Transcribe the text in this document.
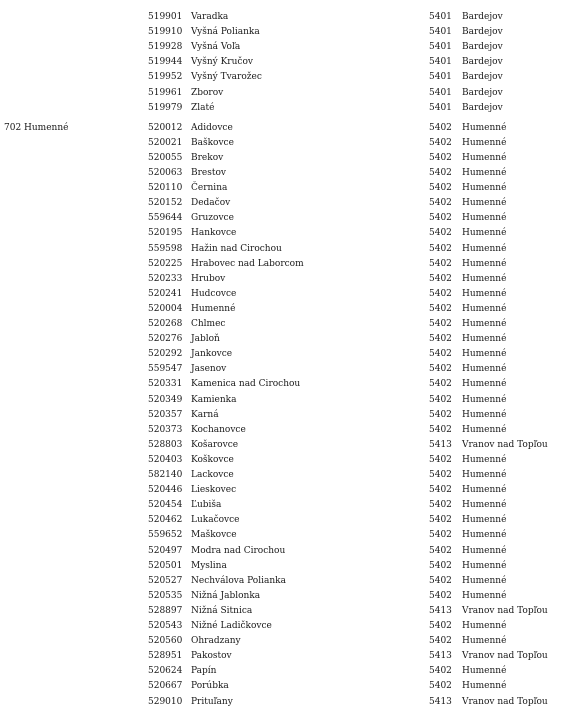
519901 Varadka	5401 Bardejov
519910 Vyšná Polianka	5401 Bardejov
519928 Vyšná Voľa	5401 Bardejov
519944 Vyšný Kručov	5401 Bardejov
519952 Vyšný Tvarožec	5401 Bardejov
519961 Zborov	5401 Bardejov
519979 Zlaté	5401 Bardejov
702 Humenné	520012 Adidovce	5402 Humenné
520021 Baškovce	5402 Humenné
520055 Brekov	5402 Humenné
520063 Brestov	5402 Humenné
520110 Černina	5402 Humenné
520152 Dedačov	5402 Humenné
559644 Gruzovce	5402 Humenné
520195 Hankovce	5402 Humenné
559598 Hažin nad Cirochou	5402 Humenné
520225 Hrabovec nad Laborcom	5402 Humenné
520233 Hrubov	5402 Humenné
520241 Hudcovce	5402 Humenné
520004 Humenné	5402 Humenné
520268 Chlmec	5402 Humenné
520276 Jabloň	5402 Humenné
520292 Jankovce	5402 Humenné
559547 Jasenov	5402 Humenné
520331 Kamenica nad Cirochou	5402 Humenné
520349 Kamienka	5402 Humenné
520357 Karná	5402 Humenné
520373 Kochanovce	5402 Humenné
528803 Košarovce	5413 Vranov nad Topľou
520403 Koškovce	5402 Humenné
582140 Lackovce	5402 Humenné
520446 Lieskovec	5402 Humenné
520454 Ľubiša	5402 Humenné
520462 Lukačovce	5402 Humenné
559652 Maškovce	5402 Humenné
520497 Modra nad Cirochou	5402 Humenné
520501 Myslina	5402 Humenné
520527 Nechválova Polianka	5402 Humenné
520535 Nižná Jablonka	5402 Humenné
528897 Nižná Sitnica	5413 Vranov nad Topľou
520543 Nižné Ladičkovce	5402 Humenné
520560 Ohradzany	5402 Humenné
528951 Pakostov	5413 Vranov nad Topľou
520624 Papín	5402 Humenné
520667 Porúbka	5402 Humenné
529010 Prituľany	5413 Vranov nad Topľou
